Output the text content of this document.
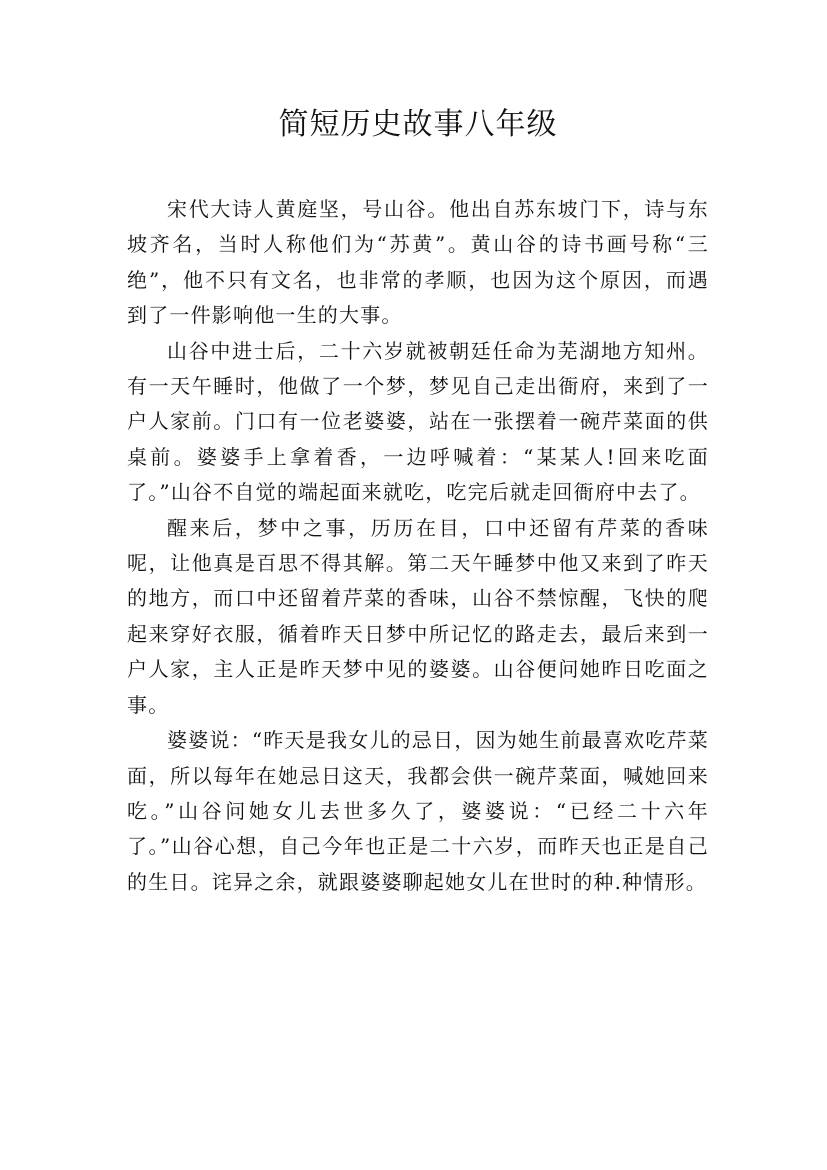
简短历史故事八年级

宋代大诗人黄庭坚，号山谷。他出自苏东坡门下，诗与东坡齐名，当时人称他们为“苏黄”。黄山谷的诗书画号称“三绝”，他不只有文名，也非常的孝顺，也因为这个原因，而遇到了一件影响他一生的大事。

山谷中进士后，二十六岁就被朝廷任命为芜湖地方知州。有一天午睡时，他做了一个梦，梦见自己走出衙府，来到了一户人家前。门口有一位老婆婆，站在一张摆着一碗芹菜面的供桌前。婆婆手上拿着香，一边呼喊着：“某某人!回来吃面了。”山谷不自觉的端起面来就吃，吃完后就走回衙府中去了。

醒来后，梦中之事，历历在目，口中还留有芹菜的香味呢，让他真是百思不得其解。第二天午睡梦中他又来到了昨天的地方，而口中还留着芹菜的香味，山谷不禁惊醒，飞快的爬起来穿好衣服，循着昨天日梦中所记忆的路走去，最后来到一户人家，主人正是昨天梦中见的婆婆。山谷便问她昨日吃面之事。

婆婆说：“昨天是我女儿的忌日，因为她生前最喜欢吃芹菜面，所以每年在她忌日这天，我都会供一碗芹菜面，喊她回来吃。”山谷问她女儿去世多久了，婆婆说：“已经二十六年了。”山谷心想，自己今年也正是二十六岁，而昨天也正是自己的生日。诧异之余，就跟婆婆聊起她女儿在世时的种.种情形。
